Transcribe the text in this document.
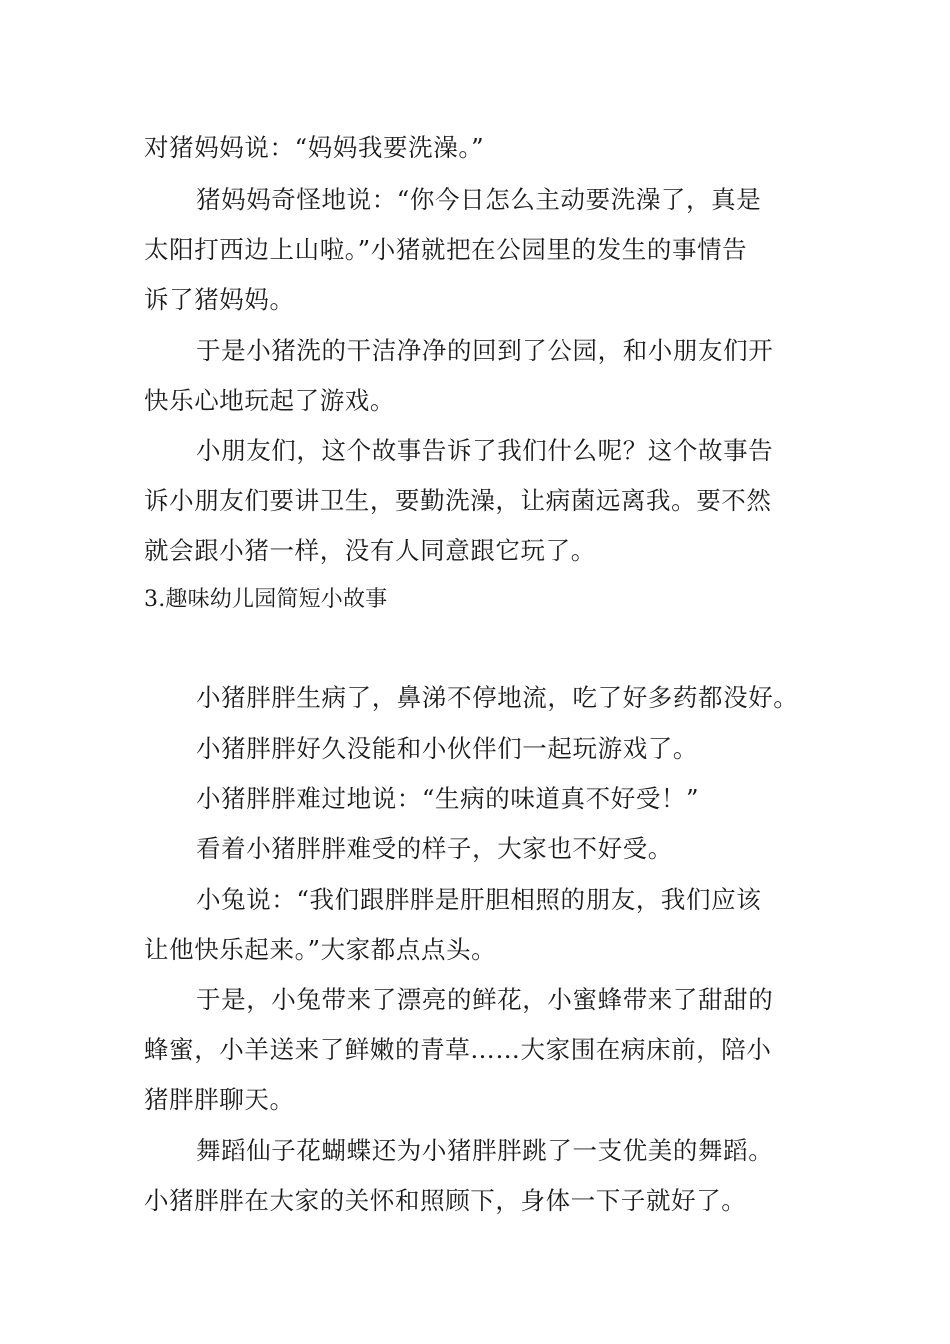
对猪妈妈说：“妈妈我要洗澡。”
猪妈妈奇怪地说：“你今日怎么主动要洗澡了，真是
太阳打西边上山啦。”小猪就把在公园里的发生的事情告
诉了猪妈妈。
于是小猪洗的干洁净净的回到了公园，和小朋友们开
快乐心地玩起了游戏。
小朋友们，这个故事告诉了我们什么呢？这个故事告
诉小朋友们要讲卫生，要勤洗澡，让病菌远离我。要不然
就会跟小猪一样，没有人同意跟它玩了。
3.趣味幼儿园简短小故事
小猪胖胖生病了，鼻涕不停地流，吃了好多药都没好。
小猪胖胖好久没能和小伙伴们一起玩游戏了。
小猪胖胖难过地说：“生病的味道真不好受！”
看着小猪胖胖难受的样子，大家也不好受。
小兔说：“我们跟胖胖是肝胆相照的朋友，我们应该
让他快乐起来。”大家都点点头。
于是，小兔带来了漂亮的鲜花，小蜜蜂带来了甜甜的
蜂蜜，小羊送来了鲜嫩的青草……大家围在病床前，陪小
猪胖胖聊天。
舞蹈仙子花蝴蝶还为小猪胖胖跳了一支优美的舞蹈。
小猪胖胖在大家的关怀和照顾下，身体一下子就好了。
